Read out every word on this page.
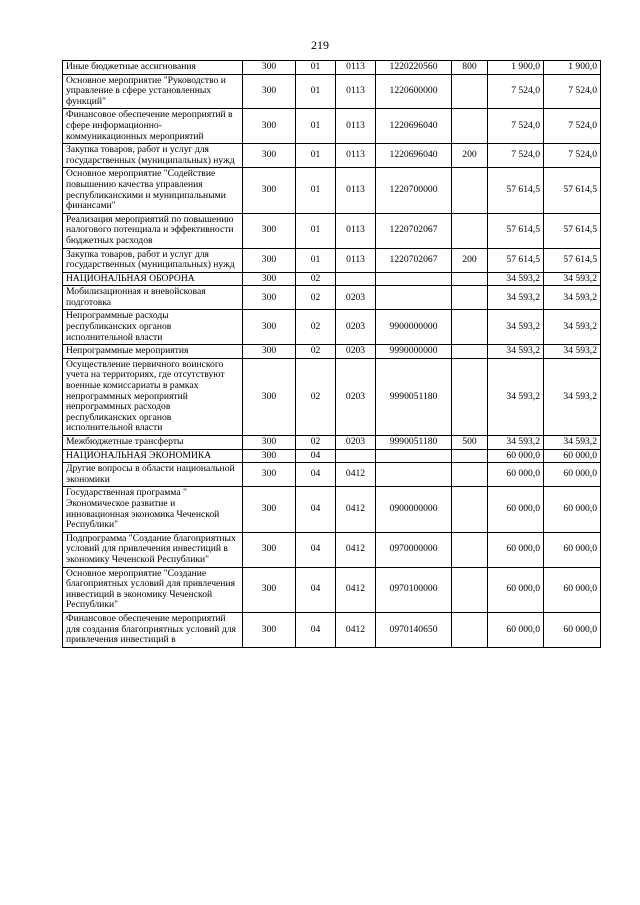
219
Иные бюджетные ассигнования	300	01	0113	1220220560	800	1 900,0	1 900,0
Основное мероприятие "Руководство и управление в сфере установленных функций"	300	01	0113	1220600000		7 524,0	7 524,0
Финансовое обеспечение мероприятий в сфере информационно-коммуникационных мероприятий	300	01	0113	1220696040		7 524,0	7 524,0
Закупка товаров, работ и услуг для государственных (муниципальных) нужд	300	01	0113	1220696040	200	7 524,0	7 524,0
Основное мероприятие "Содействие повышению качества управления республиканскими и муниципальными финансами"	300	01	0113	1220700000		57 614,5	57 614,5
Реализация мероприятий по повышению налогового потенциала и эффективности бюджетных расходов	300	01	0113	1220702067		57 614,5	57 614,5
Закупка товаров, работ и услуг для государственных (муниципальных) нужд	300	01	0113	1220702067	200	57 614,5	57 614,5
НАЦИОНАЛЬНАЯ ОБОРОНА	300	02				34 593,2	34 593,2
Мобилизационная и вневойсковая подготовка	300	02	0203			34 593,2	34 593,2
Непрограммные расходы республиканских органов исполнительной власти	300	02	0203	9900000000		34 593,2	34 593,2
Непрограммные мероприятия	300	02	0203	9990000000		34 593,2	34 593,2
Осуществление первичного воинского учета на территориях, где отсутствуют военные комиссариаты в рамках непрограммных мероприятий непрограммных расходов республиканских органов исполнительной власти	300	02	0203	9990051180		34 593,2	34 593,2
Межбюджетные трансферты	300	02	0203	9990051180	500	34 593,2	34 593,2
НАЦИОНАЛЬНАЯ ЭКОНОМИКА	300	04				60 000,0	60 000,0
Другие вопросы в области национальной экономики	300	04	0412			60 000,0	60 000,0
Государственная программа " Экономическое развитие и инновационная экономика Чеченской Республики"	300	04	0412	0900000000		60 000,0	60 000,0
Подпрограмма "Создание благоприятных условий для привлечения инвестиций в экономику Чеченской Республики"	300	04	0412	0970000000		60 000,0	60 000,0
Основное мероприятие "Создание благоприятных условий для привлечения инвестиций в экономику Чеченской Республики"	300	04	0412	0970100000		60 000,0	60 000,0
Финансовое обеспечение мероприятий для создания благоприятных условий для привлечения инвестиций в	300	04	0412	0970140650		60 000,0	60 000,0
